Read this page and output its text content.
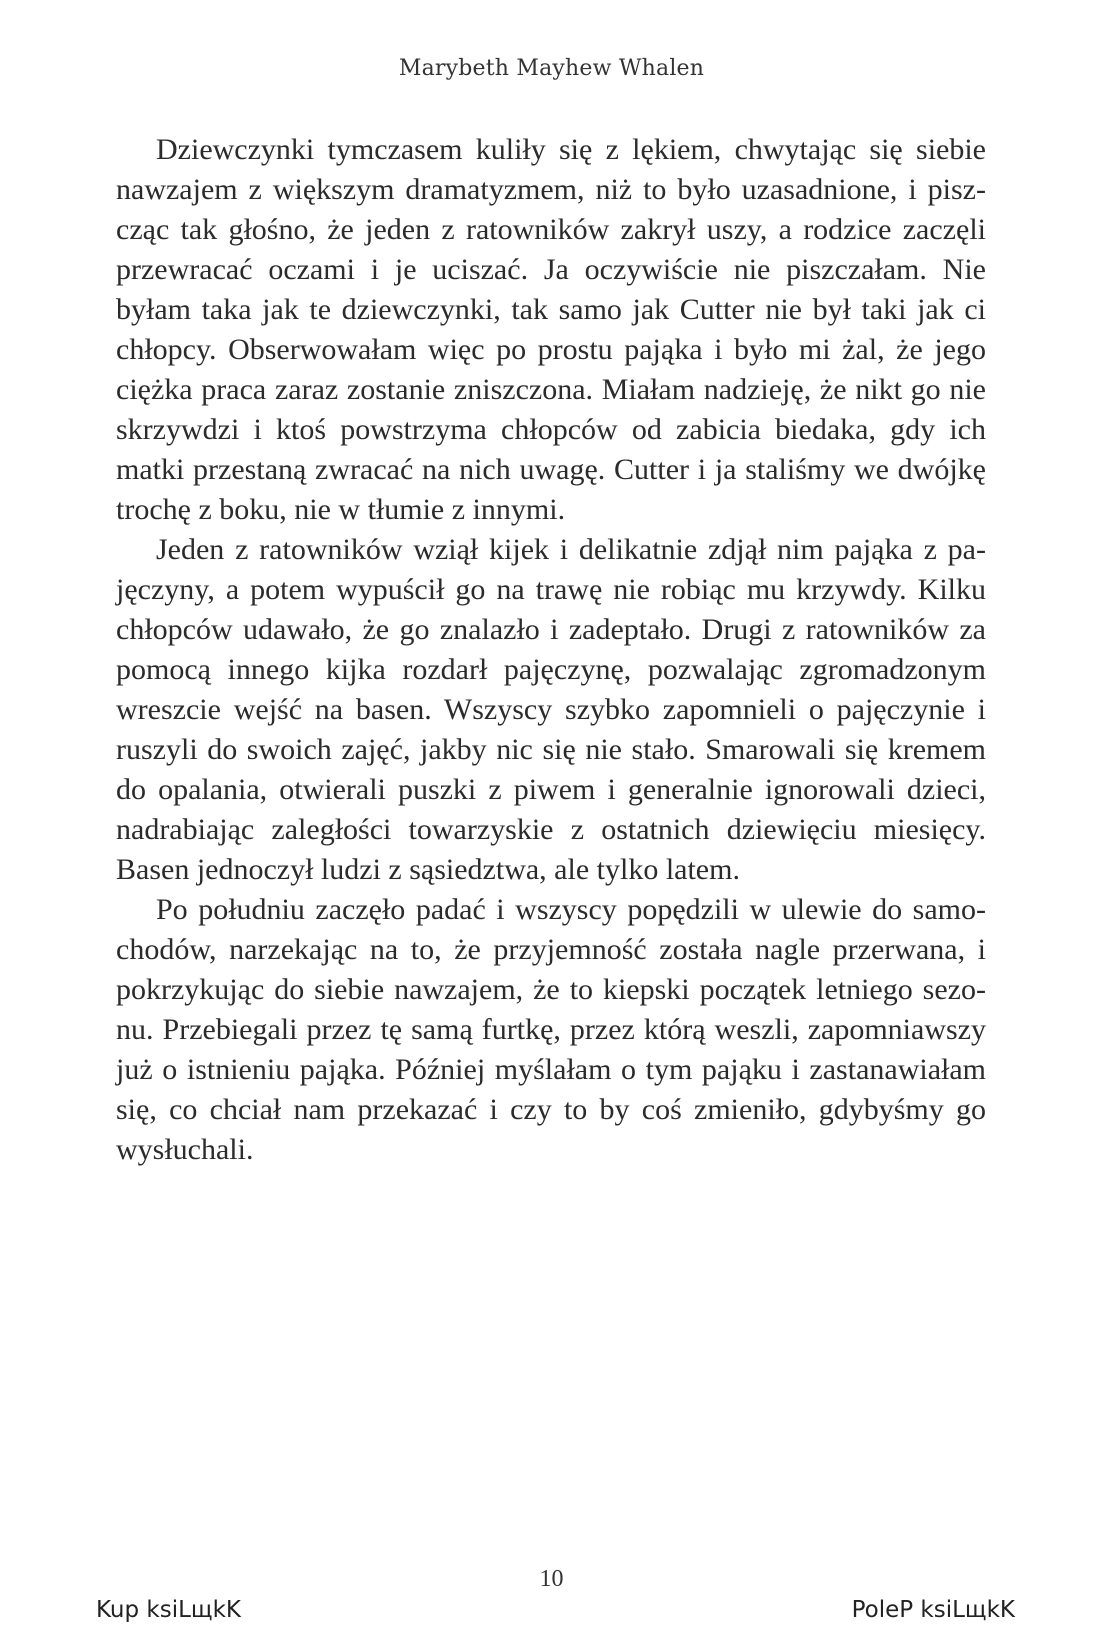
Marybeth Mayhew Whalen

Dziewczynki tymczasem kuliły się z lękiem, chwytając się siebie nawzajem z większym dramatyzmem, niż to było uzasadnione, i piszcząc tak głośno, że jeden z ratowników zakrył uszy, a rodzice zaczęli przewracać oczami i je uciszać. Ja oczywiście nie piszczałam. Nie byłam taka jak te dziewczynki, tak samo jak Cutter nie był taki jak ci chłopcy. Obserwowałam więc po prostu pająka i było mi żal, że jego ciężka praca zaraz zostanie zniszczona. Miałam nadzieję, że nikt go nie skrzywdzi i ktoś powstrzyma chłopców od zabicia biedaka, gdy ich matki przestaną zwracać na nich uwagę. Cutter i ja staliśmy we dwójkę trochę z boku, nie w tłumie z innymi.

Jeden z ratowników wziął kijek i delikatnie zdjął nim pająka z pajęczyny, a potem wypuścił go na trawę nie robiąc mu krzywdy. Kilku chłopców udawało, że go znalazło i zadeptało. Drugi z ratowników za pomocą innego kijka rozdarł pajęczynę, pozwalając zgromadzonym wreszcie wejść na basen. Wszyscy szybko zapomnieli o pajęczynie i ruszyli do swoich zajęć, jakby nic się nie stało. Smarowali się kremem do opalania, otwierali puszki z piwem i generalnie ignorowali dzieci, nadrabiając zaległości towarzyskie z ostatnich dziewięciu miesięcy. Basen jednoczył ludzi z sąsiedztwa, ale tylko latem.

Po południu zaczęło padać i wszyscy popędzili w ulewie do samochodów, narzekając na to, że przyjemność została nagle przerwana, i pokrzykując do siebie nawzajem, że to kiepski początek letniego sezonu. Przebiegali przez tę samą furtkę, przez którą weszli, zapomniawszy już o istnieniu pająka. Później myślałam o tym pająku i zastanawiałam się, co chciał nam przekazać i czy to by coś zmieniło, gdybyśmy go wysłuchali.

10
Kup ksiLщkK	PoleP ksiLщkK
